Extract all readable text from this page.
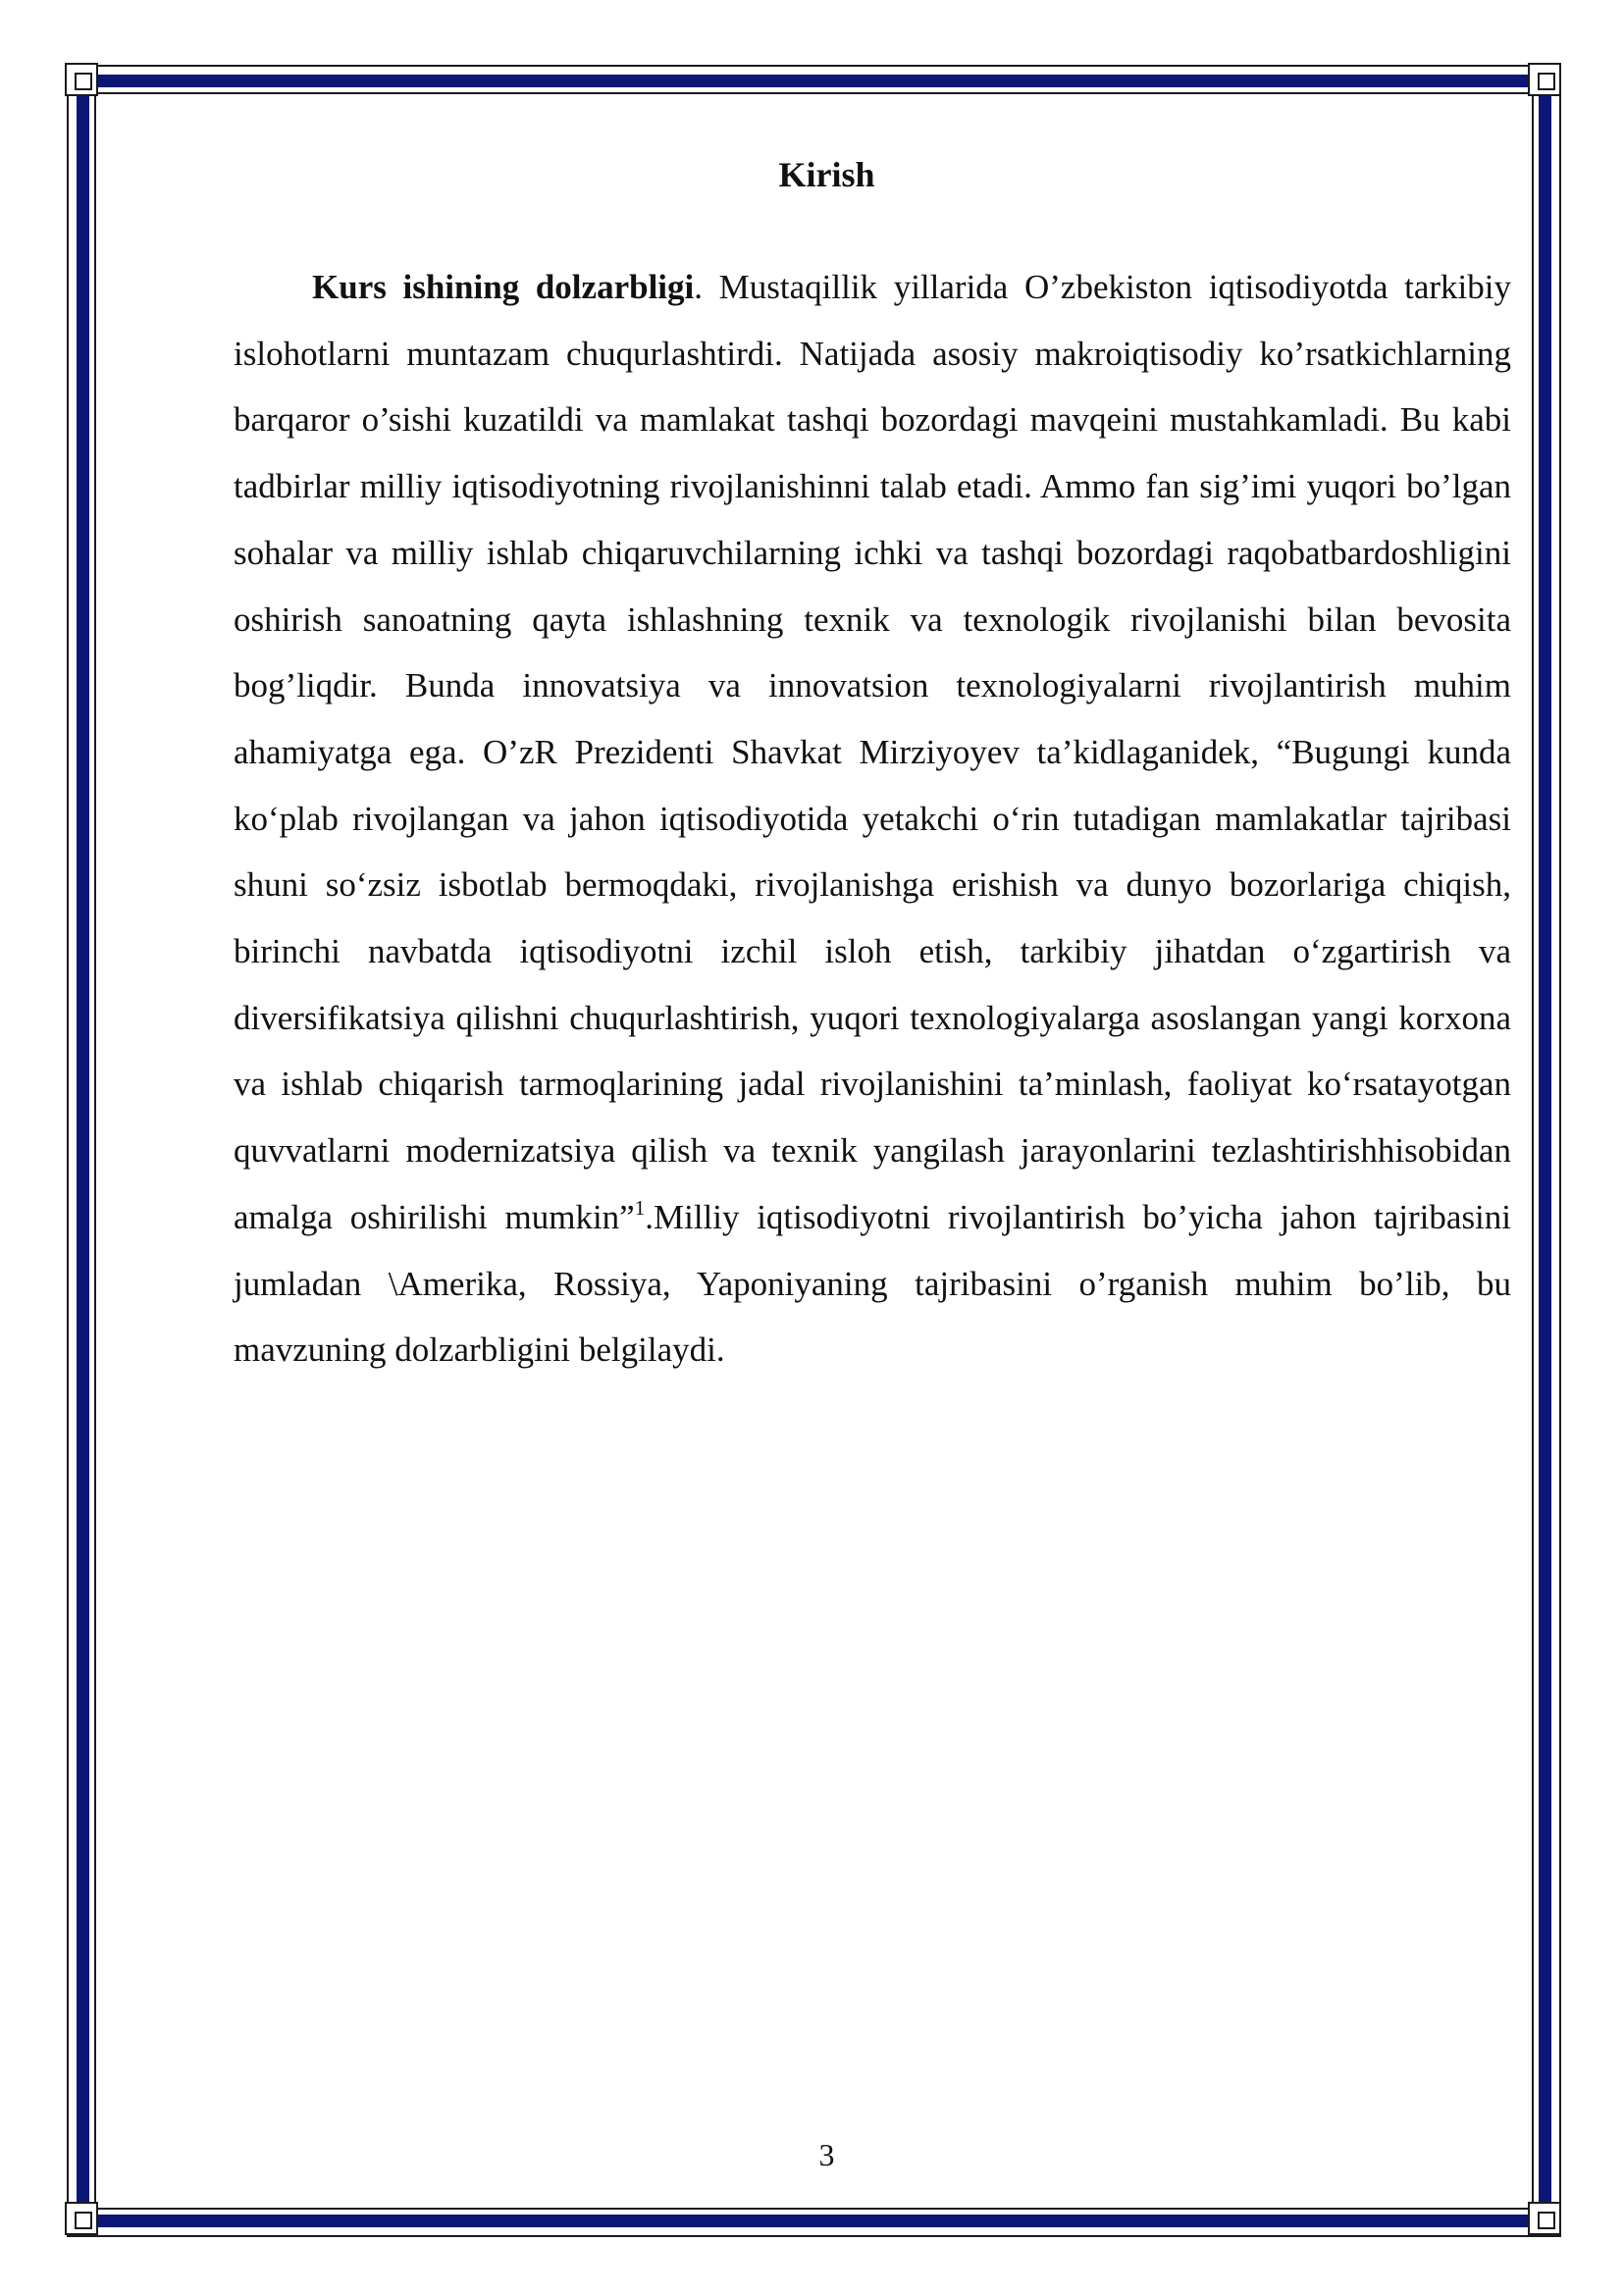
Kirish

Kurs ishining dolzarbligi. Mustaqillik yillarida O’zbekiston iqtisodiyotda tarkibiy islohotlarni muntazam chuqurlashtirdi. Natijada asosiy makroiqtisodiy ko’rsatkichlarning barqaror o’sishi kuzatildi va mamlakat tashqi bozordagi mavqeini mustahkamladi. Bu kabi tadbirlar milliy iqtisodiyotning rivojlanishinni talab etadi. Ammo fan sig’imi yuqori bo’lgan sohalar va milliy ishlab chiqaruvchilarning ichki va tashqi bozordagi raqobatbardoshligini oshirish sanoatning qayta ishlashning texnik va texnologik rivojlanishi bilan bevosita bog’liqdir. Bunda innovatsiya va innovatsion texnologiyalarni rivojlantirish muhim ahamiyatga ega. O’zR Prezidenti Shavkat Mirziyoyev ta’kidlaganidek, “Bugungi kunda ko‘plab rivojlangan va jahon iqtisodiyotida yetakchi o‘rin tutadigan mamlakatlar tajribasi shuni so‘zsiz isbotlab bermoqdaki, rivojlanishga erishish va dunyo bozorlariga chiqish, birinchi navbatda iqtisodiyotni izchil isloh etish, tarkibiy jihatdan o‘zgartirish va diversifikatsiya qilishni chuqurlashtirish, yuqori texnologiyalarga asoslangan yangi korxona va ishlab chiqarish tarmoqlarining jadal rivojlanishini ta’minlash, faoliyat ko‘rsatayotgan quvvatlarni modernizatsiya qilish va texnik yangilash jarayonlarini tezlashtirishhisobidan amalga oshirilishi mumkin”$^1$.Milliy iqtisodiyotni rivojlantirish bo’yicha jahon tajribasini jumladan \Amerika, Rossiya, Yaponiyaning tajribasini o’rganish muhim bo’lib, bu mavzuning dolzarbligini belgilaydi.

3
